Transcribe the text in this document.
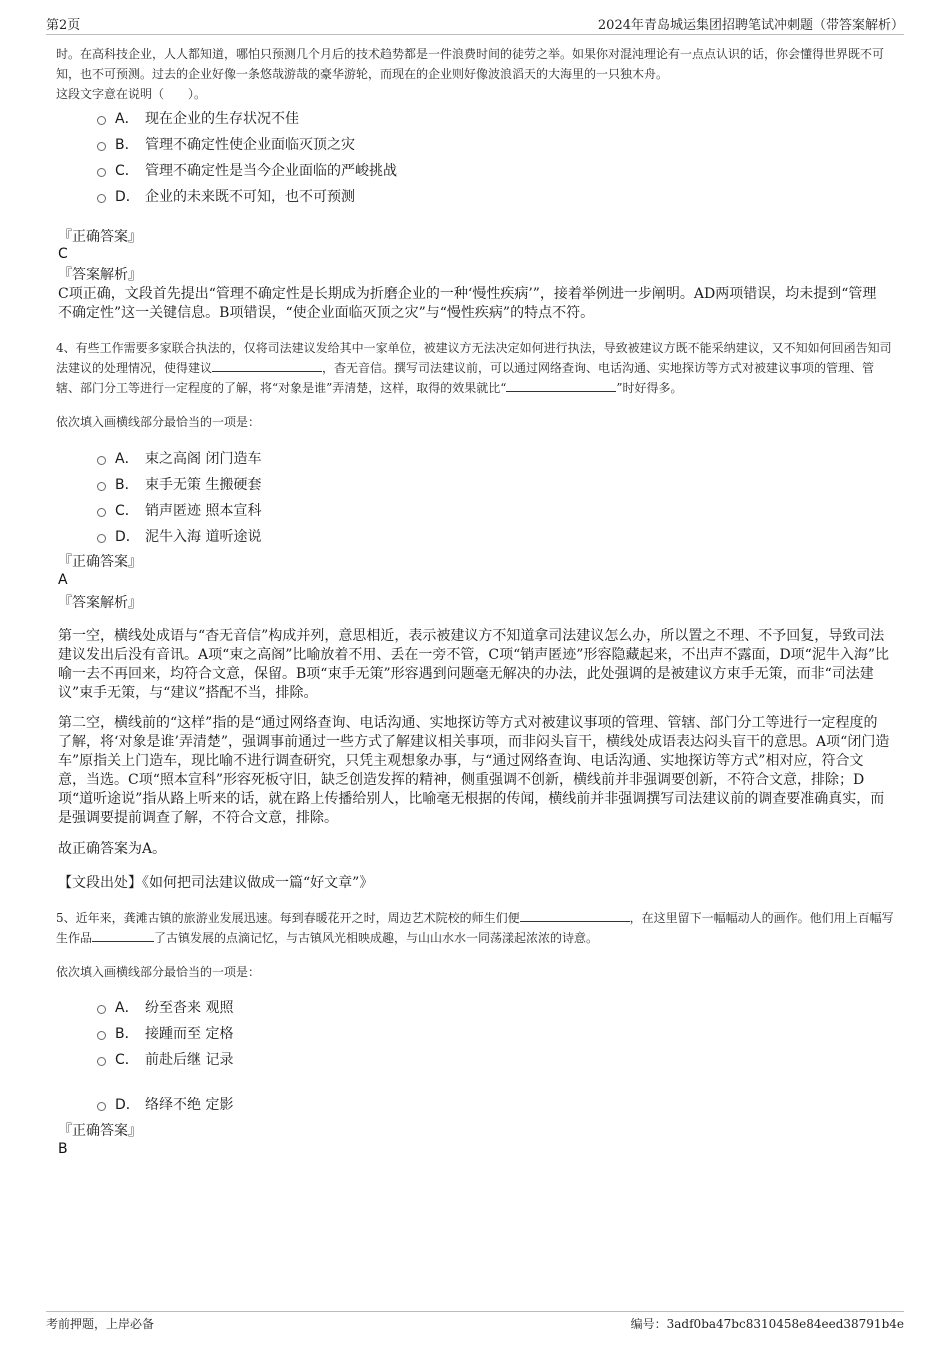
第2页	2024年青岛城运集团招聘笔试冲刺题（带答案解析）
时。在高科技企业，人人都知道，哪怕只预测几个月后的技术趋势都是一件浪费时间的徒劳之举。如果你对混沌理论有一点点认识的话，你会懂得世界既不可知，也不可预测。过去的企业好像一条悠哉游哉的豪华游轮，而现在的企业则好像波浪滔天的大海里的一只独木舟。
这段文字意在说明（　　）。
A． 现在企业的生存状况不佳
B． 管理不确定性使企业面临灭顶之灾
C． 管理不确定性是当今企业面临的严峻挑战
D． 企业的未来既不可知，也不可预测
『正确答案』
C
『答案解析』
C项正确，文段首先提出“管理不确定性是长期成为折磨企业的一种‘慢性疾病’”，接着举例进一步阐明。AD两项错误，均未提到“管理不确定性”这一关键信息。B项错误，“使企业面临灭顶之灾”与“慢性疾病”的特点不符。
4、有些工作需要多家联合执法的，仅将司法建议发给其中一家单位，被建议方无法决定如何进行执法，导致被建议方既不能采纳建议，又不知如何回函告知司法建议的处理情况，使得建议	，杳无音信。撰写司法建议前，可以通过网络查询、电话沟通、实地探访等方式对被建议事项的管理、管辖、部门分工等进行一定程度的了解，将“对象是谁”弄清楚，这样，取得的效果就比“	”时好得多。
依次填入画横线部分最恰当的一项是：
A． 束之高阁 闭门造车
B． 束手无策 生搬硬套
C． 销声匿迹 照本宣科
D． 泥牛入海 道听途说
『正确答案』
A
『答案解析』
第一空，横线处成语与“杳无音信”构成并列，意思相近，表示被建议方不知道拿司法建议怎么办，所以置之不理、不予回复，导致司法建议发出后没有音讯。A项“束之高阁”比喻放着不用、丢在一旁不管，C项“销声匿迹”形容隐藏起来，不出声不露面，D项“泥牛入海”比喻一去不再回来，均符合文意，保留。B项“束手无策”形容遇到问题毫无解决的办法，此处强调的是被建议方束手无策，而非“司法建议”束手无策，与“建议”搭配不当，排除。
第二空，横线前的“这样”指的是“通过网络查询、电话沟通、实地探访等方式对被建议事项的管理、管辖、部门分工等进行一定程度的了解，将‘对象是谁’弄清楚”，强调事前通过一些方式了解建议相关事项，而非闷头盲干，横线处成语表达闷头盲干的意思。A项“闭门造车”原指关上门造车，现比喻不进行调查研究，只凭主观想象办事，与“通过网络查询、电话沟通、实地探访等方式”相对应，符合文意，当选。C项“照本宣科”形容死板守旧，缺乏创造发挥的精神，侧重强调不创新，横线前并非强调要创新，不符合文意，排除；D项“道听途说”指从路上听来的话，就在路上传播给别人，比喻毫无根据的传闻，横线前并非强调撰写司法建议前的调查要准确真实，而是强调要提前调查了解，不符合文意，排除。
故正确答案为A。
【文段出处】《如何把司法建议做成一篇“好文章”》
5、近年来，龚滩古镇的旅游业发展迅速。每到春暖花开之时，周边艺术院校的师生们便	，在这里留下一幅幅动人的画作。他们用上百幅写生作品	了古镇发展的点滴记忆，与古镇风光相映成趣，与山山水水一同荡漾起浓浓的诗意。
依次填入画横线部分最恰当的一项是：
A． 纷至沓来 观照
B． 接踵而至 定格
C． 前赴后继 记录
D． 络绎不绝 定影
『正确答案』
B
考前押题，上岸必备	编号：3adf0ba47bc8310458e84eed38791b4e
